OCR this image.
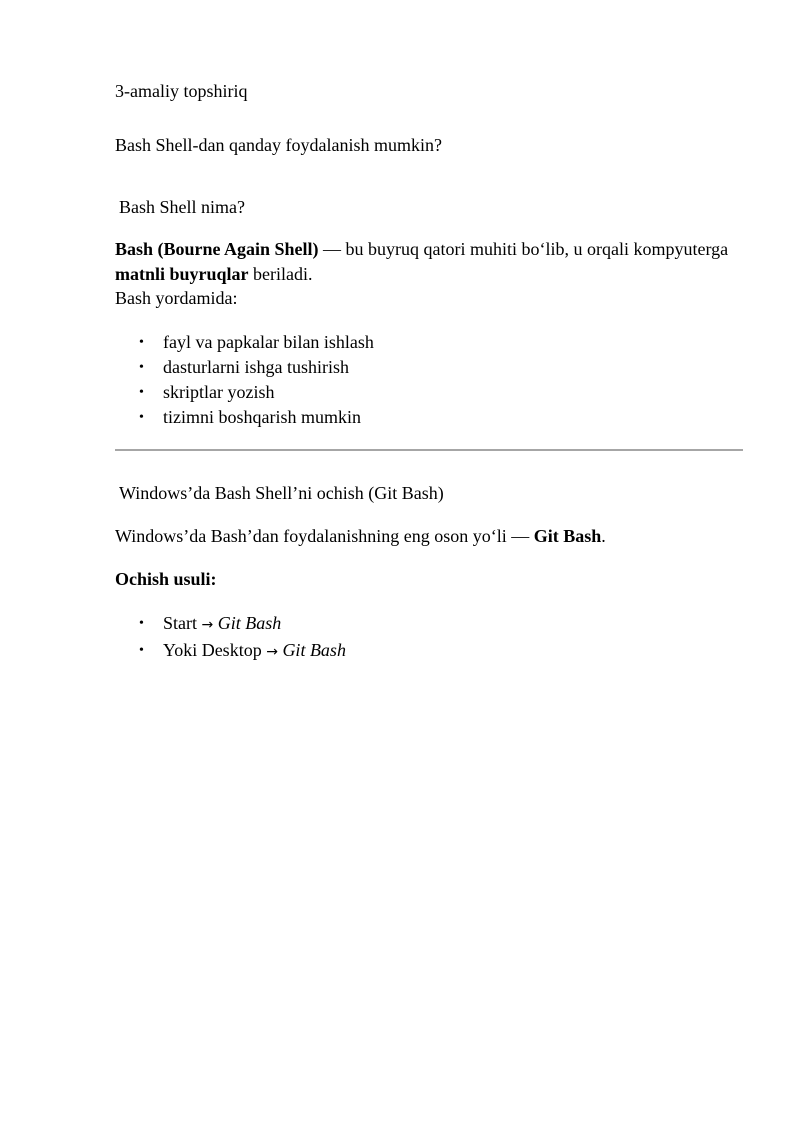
3-amaliy topshiriq
Bash Shell-dan qanday foydalanish mumkin?
Bash Shell nima?
Bash (Bourne Again Shell) — bu buyruq qatori muhiti bo‘lib, u orqali kompyuterga matnli buyruqlar beriladi.
Bash yordamida:
• fayl va papkalar bilan ishlash
• dasturlarni ishga tushirish
• skriptlar yozish
• tizimni boshqarish mumkin
Windows’da Bash Shell’ni ochish (Git Bash)
Windows’da Bash’dan foydalanishning eng oson yo‘li — Git Bash.
Ochish usuli:
• Start → Git Bash
• Yoki Desktop → Git Bash
